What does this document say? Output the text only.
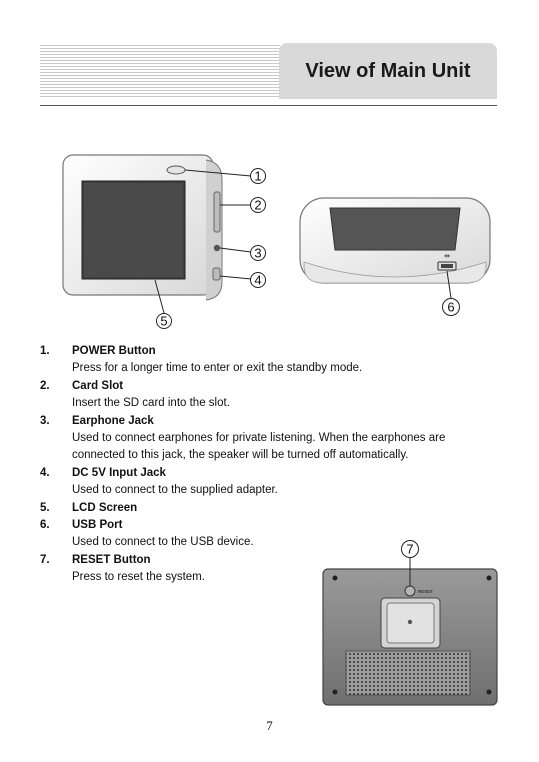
View of Main Unit
1
2
3
4
5
⇹
6
RESET
7
1.	POWER Button
Press for a longer time to enter or exit the standby mode.
2.	Card Slot
Insert the SD card into the slot.
3.	Earphone Jack
Used to connect earphones for private listening. When the earphones are
connected to this jack, the speaker will be turned off automatically.
4.	DC 5V Input Jack
Used to connect to the supplied adapter.
5.	LCD Screen
6.	USB Port
Used to connect to the USB device.
7.	RESET Button
Press to reset the system.
7
